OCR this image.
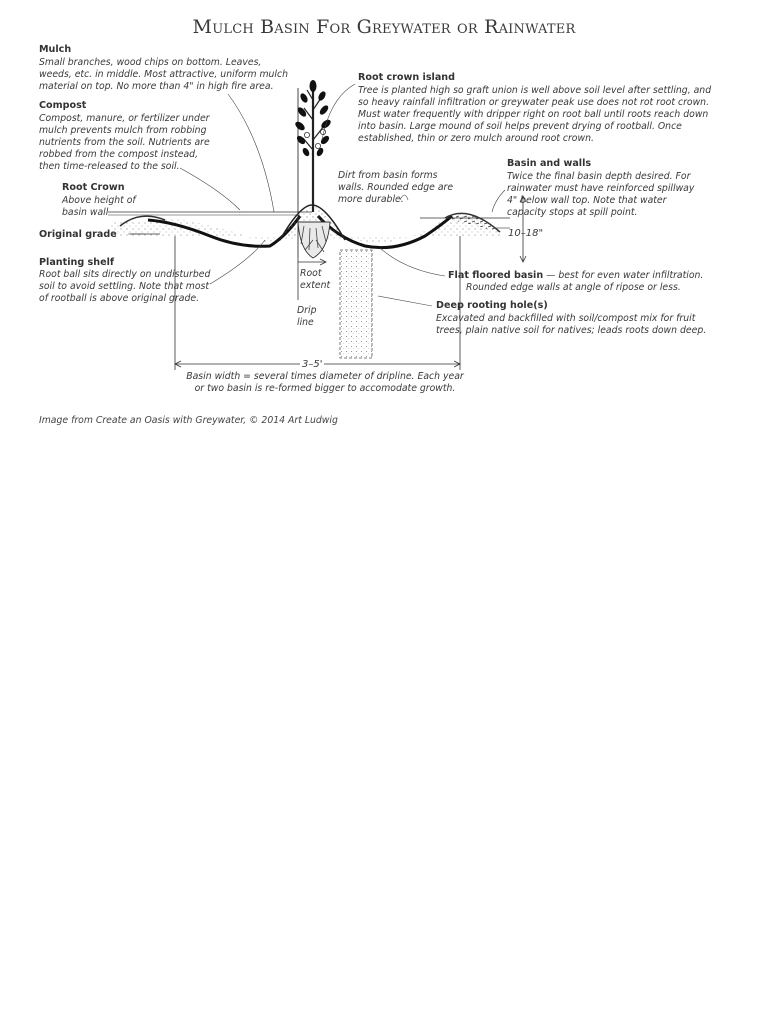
Mulch Basin For Greywater or Rainwater
Mulch
Small branches, wood chips on bottom. Leaves,
weeds, etc. in middle. Most attractive, uniform mulch
material on top. No more than 4" in high fire area.
Compost
Compost, manure, or fertilizer under
mulch prevents mulch from robbing
nutrients from the soil. Nutrients are
robbed from the compost instead,
then time-released to the soil.
Root Crown
Above height of
basin wall
Original grade
Planting shelf
Root ball sits directly on undisturbed
soil to avoid settling. Note that most
of rootball is above original grade.
Root crown island
Tree is planted high so graft union is well above soil level after settling, and
so heavy rainfall infiltration or greywater peak use does not rot root crown.
Must water frequently with dripper right on root ball until roots reach down
into basin. Large mound of soil helps prevent drying of rootball. Once
established, thin or zero mulch around root crown.
Dirt from basin forms
walls. Rounded edge are
more durable.
Basin and walls
Twice the final basin depth desired. For
rainwater must have reinforced spillway
4" below wall top. Note that water
capacity stops at spill point.
10–18"
Root
extent
Drip
line
Flat floored basin — best for even water infiltration.
Rounded edge walls at angle of ripose or less.
Deep rooting hole(s)
Excavated and backfilled with soil/compost mix for fruit
trees, plain native soil for natives; leads roots down deep.
3–5'
Basin width = several times diameter of dripline. Each year
or two basin is re-formed bigger to accomodate growth.
Image from Create an Oasis with Greywater, © 2014 Art Ludwig
